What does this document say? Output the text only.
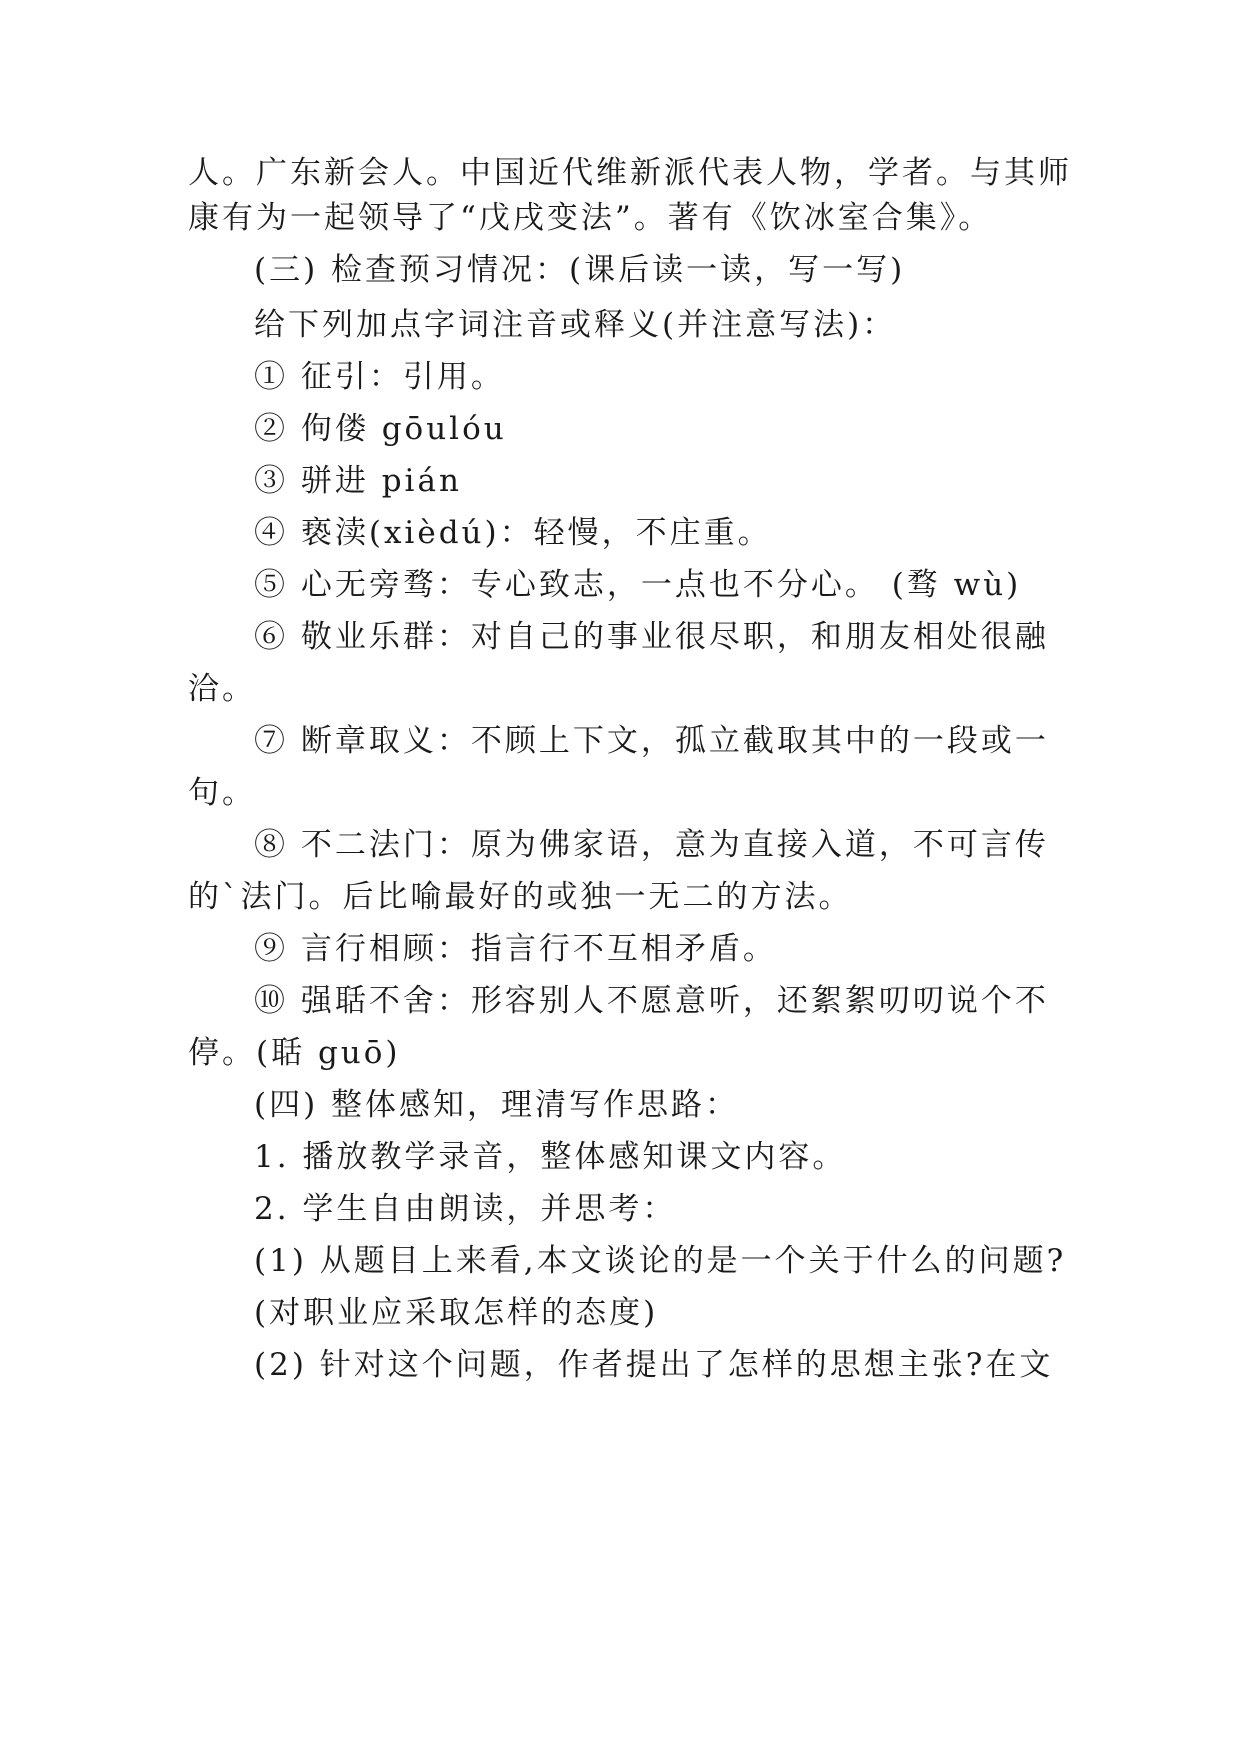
人。广东新会人。中国近代维新派代表人物，学者。与其师
康有为一起领导了“戊戌变法”。著有《饮冰室合集》。
(三) 检查预习情况：(课后读一读，写一写)
给下列加点字词注音或释义(并注意写法)：
① 征引：引用。
② 佝偻 gōulóu
③ 骈进 pián
④ 亵渎(xièdú)：轻慢，不庄重。
⑤ 心无旁骛：专心致志，一点也不分心。 (骛 wù)
⑥ 敬业乐群：对自己的事业很尽职，和朋友相处很融
洽。
⑦ 断章取义：不顾上下文，孤立截取其中的一段或一
句。
⑧ 不二法门：原为佛家语，意为直接入道，不可言传
的`法门。后比喻最好的或独一无二的方法。
⑨ 言行相顾：指言行不互相矛盾。
⑩ 强聒不舍：形容别人不愿意听，还絮絮叨叨说个不
停。(聒 guō)
(四) 整体感知，理清写作思路：
1. 播放教学录音，整体感知课文内容。
2. 学生自由朗读，并思考：
(1) 从题目上来看,本文谈论的是一个关于什么的问题?
(对职业应采取怎样的态度)
(2) 针对这个问题，作者提出了怎样的思想主张?在文
